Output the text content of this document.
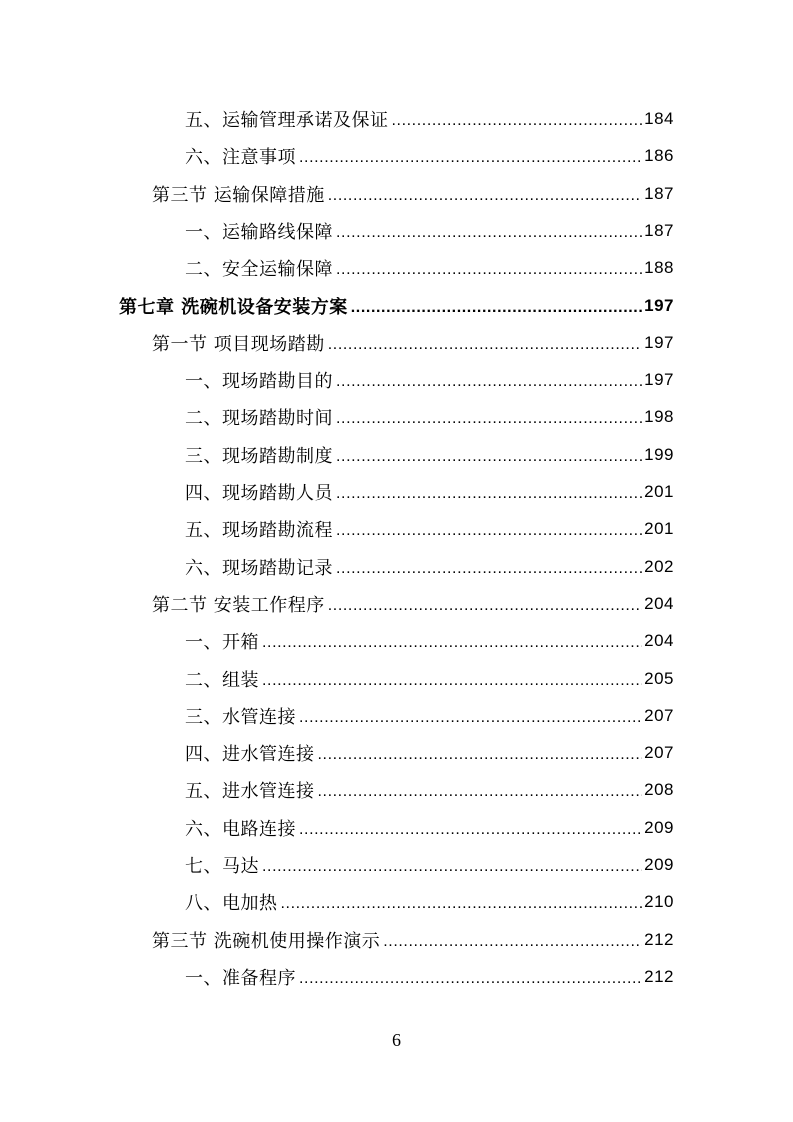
五、运输管理承诺及保证 .....	184
六、注意事项 .....	186
第三节 运输保障措施 .....	187
一、运输路线保障 .....	187
二、安全运输保障 .....	188
第七章 洗碗机设备安装方案 .....	197
第一节 项目现场踏勘 .....	197
一、现场踏勘目的 .....	197
二、现场踏勘时间 .....	198
三、现场踏勘制度 .....	199
四、现场踏勘人员 .....	201
五、现场踏勘流程 .....	201
六、现场踏勘记录 .....	202
第二节 安装工作程序 .....	204
一、开箱 .....	204
二、组装 .....	205
三、水管连接 .....	207
四、进水管连接 .....	207
五、进水管连接 .....	208
六、电路连接 .....	209
七、马达 .....	209
八、电加热 .....	210
第三节 洗碗机使用操作演示 .....	212
一、准备程序 .....	212
6
